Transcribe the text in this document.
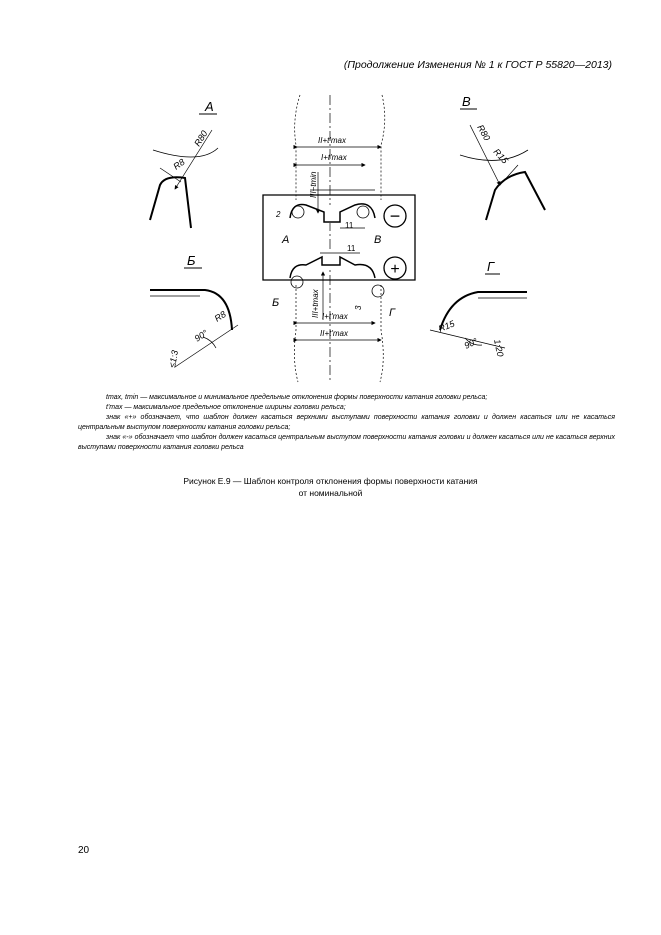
(Продолжение Изменения № 1 к ГОСТ Р 55820—2013)
А
R80
R8
В
R80
R15
Б
R8
90°
≤1:3
Г
R15
90° 1:20
−
+
II+t'max
I+t'max
III−tmin
11
2
А	В
11
III+tmax	3
I+t'max
II+t'max
Б
Г

tmax, tmin — максимальное и минимальное предельные отклонения формы поверхности катания головки рельса;

t'max — максимальное предельное отклонение ширины головки рельса;

знак «+» обозначает, что шаблон должен касаться верхними выступами поверхности катания головки и должен касаться или не касаться центральным выступом поверхности катания головки рельса;

знак «-» обозначает что шаблон должен касаться центральным выступом поверхности катания головки и должен касаться или не касаться верхних выступами поверхности катания головки рельса

Рисунок Е.9 — Шаблон контроля отклонения формы поверхности катания
от номинальной
20
